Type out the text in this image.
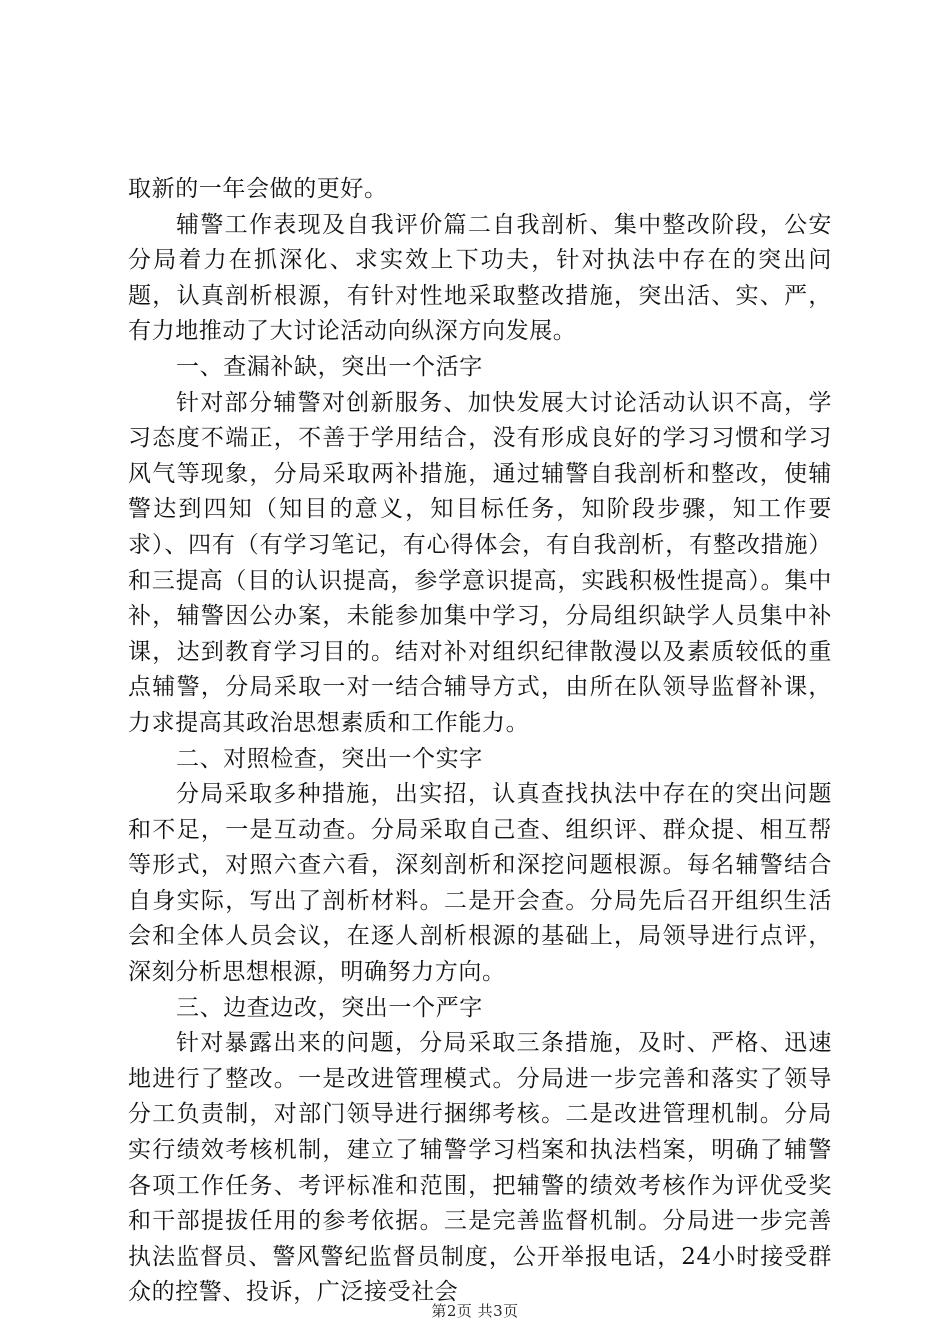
取新的一年会做的更好。

辅警工作表现及自我评价篇二自我剖析、集中整改阶段，公安分局着力在抓深化、求实效上下功夫，针对执法中存在的突出问题，认真剖析根源，有针对性地采取整改措施，突出活、实、严，有力地推动了大讨论活动向纵深方向发展。

一、查漏补缺，突出一个活字

针对部分辅警对创新服务、加快发展大讨论活动认识不高，学习态度不端正，不善于学用结合，没有形成良好的学习习惯和学习风气等现象，分局采取两补措施，通过辅警自我剖析和整改，使辅警达到四知（知目的意义，知目标任务，知阶段步骤，知工作要求）、四有（有学习笔记，有心得体会，有自我剖析，有整改措施）和三提高（目的认识提高，参学意识提高，实践积极性提高）。集中补，辅警因公办案，未能参加集中学习，分局组织缺学人员集中补课，达到教育学习目的。结对补对组织纪律散漫以及素质较低的重点辅警，分局采取一对一结合辅导方式，由所在队领导监督补课，力求提高其政治思想素质和工作能力。

二、对照检查，突出一个实字

分局采取多种措施，出实招，认真查找执法中存在的突出问题和不足，一是互动查。分局采取自己查、组织评、群众提、相互帮等形式，对照六查六看，深刻剖析和深挖问题根源。每名辅警结合自身实际，写出了剖析材料。二是开会查。分局先后召开组织生活会和全体人员会议，在逐人剖析根源的基础上，局领导进行点评，深刻分析思想根源，明确努力方向。

三、边查边改，突出一个严字

针对暴露出来的问题，分局采取三条措施，及时、严格、迅速地进行了整改。一是改进管理模式。分局进一步完善和落实了领导分工负责制，对部门领导进行捆绑考核。二是改进管理机制。分局实行绩效考核机制，建立了辅警学习档案和执法档案，明确了辅警各项工作任务、考评标准和范围，把辅警的绩效考核作为评优受奖和干部提拔任用的参考依据。三是完善监督机制。分局进一步完善执法监督员、警风警纪监督员制度，公开举报电话，24小时接受群众的控警、投诉，广泛接受社会

第2页 共3页
